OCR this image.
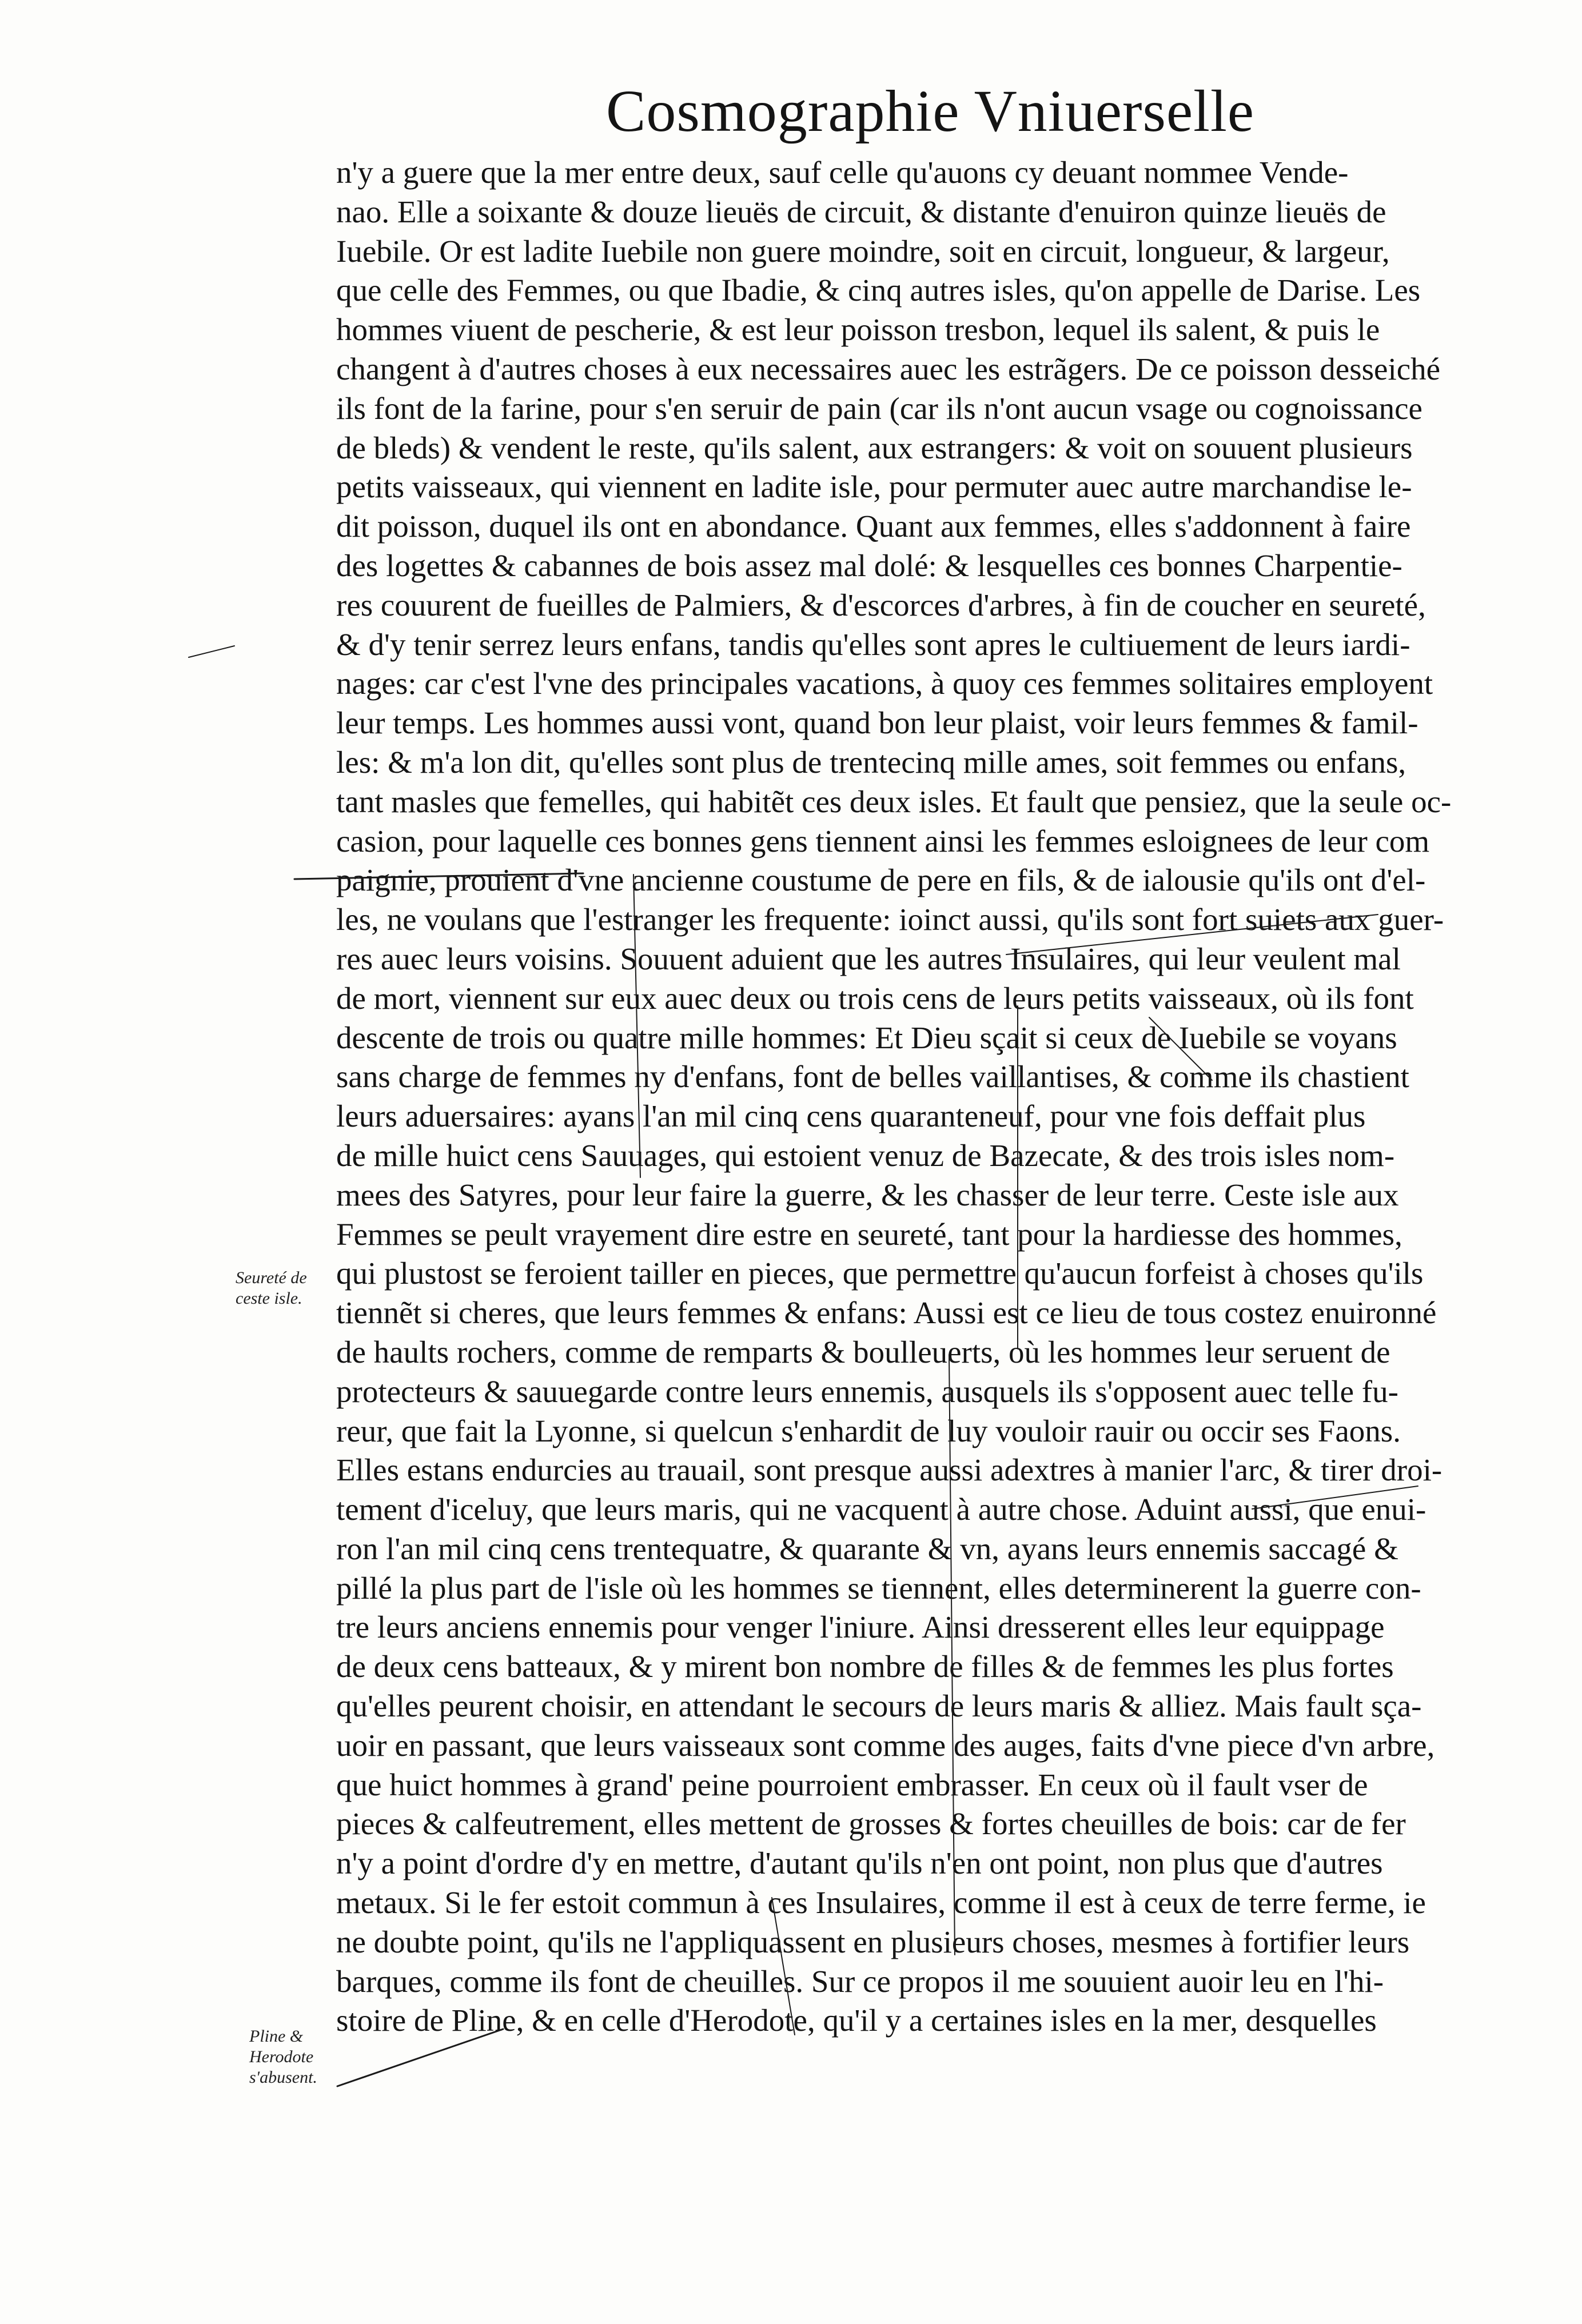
Cosmographie Vniuerselle
n'y a guere que la mer entre deux, sauf celle qu'auons cy deuant nommee Vende-
nao. Elle a soixante & douze lieuës de circuit, & distante d'enuiron quinze lieuës de
Iuebile. Or est ladite Iuebile non guere moindre, soit en circuit, longueur, & largeur,
que celle des Femmes, ou que Ibadie, & cinq autres isles, qu'on appelle de Darise. Les
hommes viuent de pescherie, & est leur poisson tresbon, lequel ils salent, & puis le
changent à d'autres choses à eux necessaires auec les estrãgers. De ce poisson desseiché
ils font de la farine, pour s'en seruir de pain (car ils n'ont aucun vsage ou cognoissance
de bleds) & vendent le reste, qu'ils salent, aux estrangers: & voit on souuent plusieurs
petits vaisseaux, qui viennent en ladite isle, pour permuter auec autre marchandise le-
dit poisson, duquel ils ont en abondance. Quant aux femmes, elles s'addonnent à faire
des logettes & cabannes de bois assez mal dolé: & lesquelles ces bonnes Charpentie-
res couurent de fueilles de Palmiers, & d'escorces d'arbres, à fin de coucher en seureté,
& d'y tenir serrez leurs enfans, tandis qu'elles sont apres le cultiuement de leurs iardi-
nages: car c'est l'vne des principales vacations, à quoy ces femmes solitaires employent
leur temps. Les hommes aussi vont, quand bon leur plaist, voir leurs femmes & famil-
les: & m'a lon dit, qu'elles sont plus de trentecinq mille ames, soit femmes ou enfans,
tant masles que femelles, qui habitẽt ces deux isles. Et fault que pensiez, que la seule oc-
casion, pour laquelle ces bonnes gens tiennent ainsi les femmes esloignees de leur com
paignie, prouient d'vne ancienne coustume de pere en fils, & de ialousie qu'ils ont d'el-
les, ne voulans que l'estranger les frequente: ioinct aussi, qu'ils sont fort suiets aux guer-
res auec leurs voisins. Souuent aduient que les autres Insulaires, qui leur veulent mal
de mort, viennent sur eux auec deux ou trois cens de leurs petits vaisseaux, où ils font
descente de trois ou quatre mille hommes: Et Dieu sçait si ceux de Iuebile se voyans
sans charge de femmes ny d'enfans, font de belles vaillantises, & comme ils chastient
leurs aduersaires: ayans l'an mil cinq cens quaranteneuf, pour vne fois deffait plus
de mille huict cens Sauuages, qui estoient venuz de Bazecate, & des trois isles nom-
mees des Satyres, pour leur faire la guerre, & les chasser de leur terre. Ceste isle aux
Femmes se peult vrayement dire estre en seureté, tant pour la hardiesse des hommes,
qui plustost se feroient tailler en pieces, que permettre qu'aucun forfeist à choses qu'ils
tiennẽt si cheres, que leurs femmes & enfans: Aussi est ce lieu de tous costez enuironné
de haults rochers, comme de remparts & boulleuerts, où les hommes leur seruent de
protecteurs & sauuegarde contre leurs ennemis, ausquels ils s'opposent auec telle fu-
reur, que fait la Lyonne, si quelcun s'enhardit de luy vouloir rauir ou occir ses Faons.
Elles estans endurcies au trauail, sont presque aussi adextres à manier l'arc, & tirer droi-
tement d'iceluy, que leurs maris, qui ne vacquent à autre chose. Aduint aussi, que enui-
ron l'an mil cinq cens trentequatre, & quarante & vn, ayans leurs ennemis saccagé &
pillé la plus part de l'isle où les hommes se tiennent, elles determinerent la guerre con-
tre leurs anciens ennemis pour venger l'iniure. Ainsi dresserent elles leur equippage
de deux cens batteaux, & y mirent bon nombre de filles & de femmes les plus fortes
qu'elles peurent choisir, en attendant le secours de leurs maris & alliez. Mais fault sça-
uoir en passant, que leurs vaisseaux sont comme des auges, faits d'vne piece d'vn arbre,
que huict hommes à grand' peine pourroient embrasser. En ceux où il fault vser de
pieces & calfeutrement, elles mettent de grosses & fortes cheuilles de bois: car de fer
n'y a point d'ordre d'y en mettre, d'autant qu'ils n'en ont point, non plus que d'autres
metaux. Si le fer estoit commun à ces Insulaires, comme il est à ceux de terre ferme, ie
ne doubte point, qu'ils ne l'appliquassent en plusieurs choses, mesmes à fortifier leurs
barques, comme ils font de cheuilles. Sur ce propos il me souuient auoir leu en l'hi-
stoire de Pline, & en celle d'Herodote, qu'il y a certaines isles en la mer, desquelles
Seureté de
ceste isle.
Pline &
Herodote
s'abusent.
